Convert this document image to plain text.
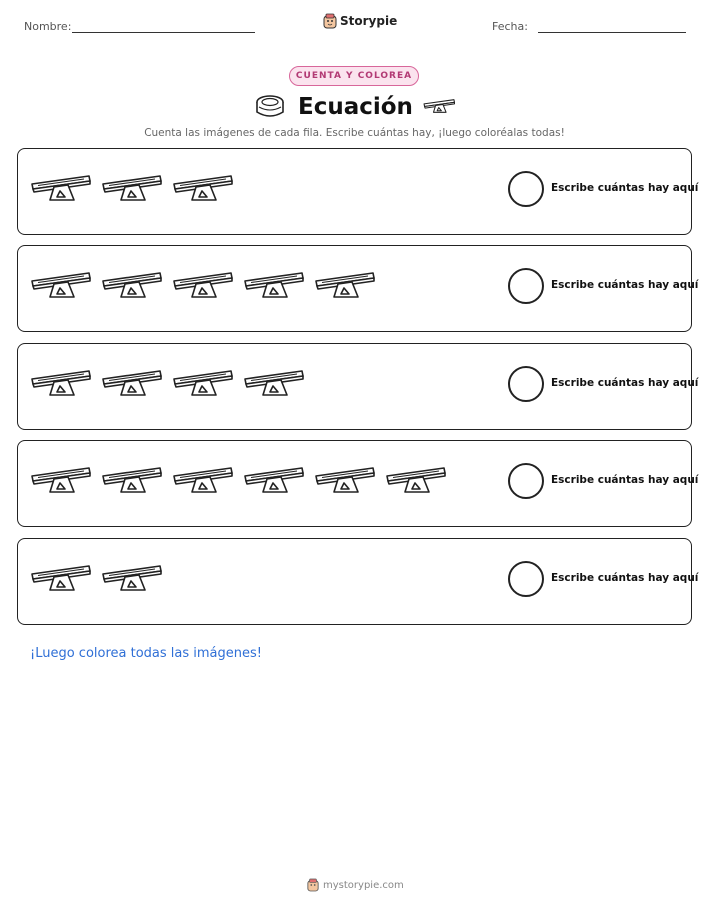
Nombre:	Storypie	Fecha:
CUENTA Y COLOREA
Ecuación
Cuenta las imágenes de cada fila. Escribe cuántas hay, ¡luego coloréalas todas!
Escribe cuántas hay aquí
Escribe cuántas hay aquí
Escribe cuántas hay aquí
Escribe cuántas hay aquí
Escribe cuántas hay aquí
¡Luego colorea todas las imágenes!
mystorypie.com
